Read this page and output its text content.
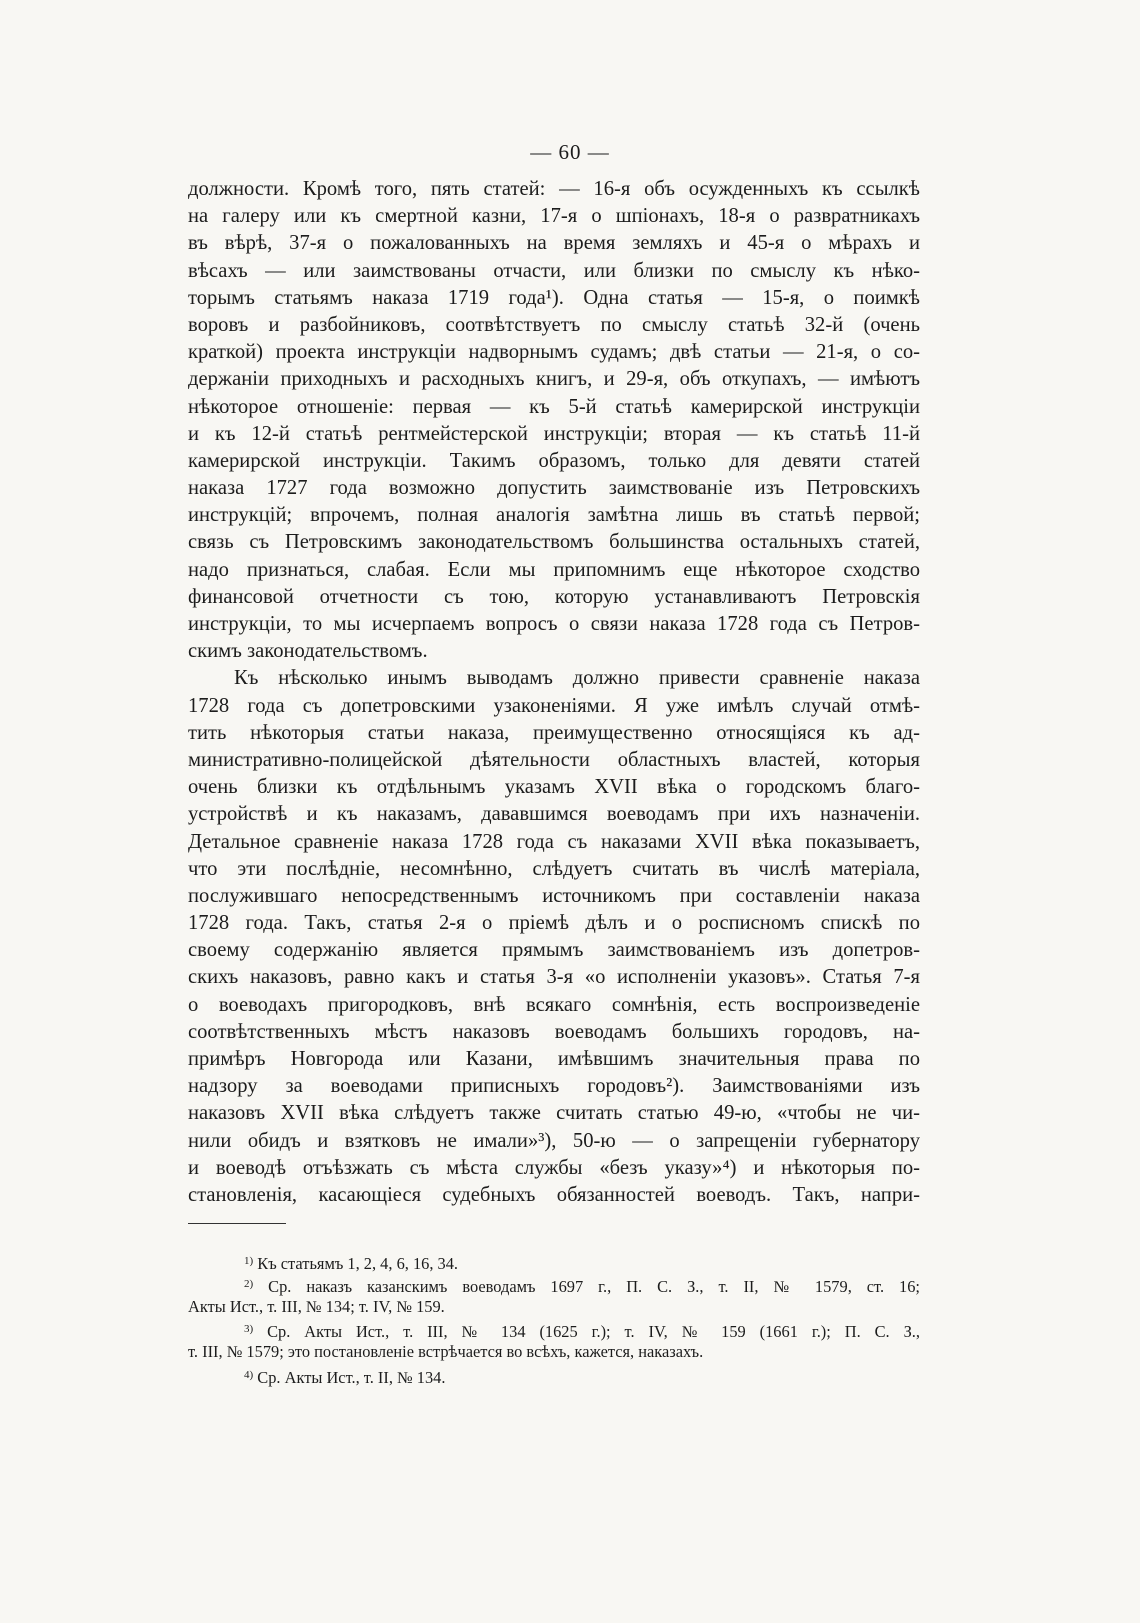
— 60 —
должности. Кромѣ того, пять статей: — 16-я объ осужденныхъ къ ссылкѣ
на галеру или къ смертной казни, 17-я о шпіонахъ, 18-я о развратникахъ
въ вѣрѣ, 37-я о пожалованныхъ на время земляхъ и 45-я о мѣрахъ и
вѣсахъ — или заимствованы отчасти, или близки по смыслу къ нѣко-
торымъ статьямъ наказа 1719 года¹). Одна статья — 15-я, о поимкѣ
воровъ и разбойниковъ, соотвѣтствуетъ по смыслу статьѣ 32-й (очень
краткой) проекта инструкціи надворнымъ судамъ; двѣ статьи — 21-я, о со-
держаніи приходныхъ и расходныхъ книгъ, и 29-я, объ откупахъ, — имѣютъ
нѣкоторое отношеніе: первая — къ 5-й статьѣ камерирской инструкціи
и къ 12-й статьѣ рентмейстерской инструкціи; вторая — къ статьѣ 11-й
камерирской инструкціи. Такимъ образомъ, только для девяти статей
наказа 1727 года возможно допустить заимствованіе изъ Петровскихъ
инструкцій; впрочемъ, полная аналогія замѣтна лишь въ статьѣ первой;
связь съ Петровскимъ законодательствомъ большинства остальныхъ статей,
надо признаться, слабая. Если мы припомнимъ еще нѣкоторое сходство
финансовой отчетности съ тою, которую устанавливаютъ Петровскія
инструкціи, то мы исчерпаемъ вопросъ о связи наказа 1728 года съ Петров-
скимъ законодательствомъ.
Къ нѣсколько инымъ выводамъ должно привести сравненіе наказа
1728 года съ допетровскими узаконеніями. Я уже имѣлъ случай отмѣ-
тить нѣкоторыя статьи наказа, преимущественно относящіяся къ ад-
министративно-полицейской дѣятельности областныхъ властей, которыя
очень близки къ отдѣльнымъ указамъ XVII вѣка о городскомъ благо-
устройствѣ и къ наказамъ, дававшимся воеводамъ при ихъ назначеніи.
Детальное сравненіе наказа 1728 года съ наказами XVII вѣка показываетъ,
что эти послѣдніе, несомнѣнно, слѣдуетъ считать въ числѣ матеріала,
послужившаго непосредственнымъ источникомъ при составленіи наказа
1728 года. Такъ, статья 2-я о пріемѣ дѣлъ и о росписномъ спискѣ по
своему содержанію является прямымъ заимствованіемъ изъ допетров-
скихъ наказовъ, равно какъ и статья 3-я «о исполненіи указовъ». Статья 7-я
о воеводахъ пригородковъ, внѣ всякаго сомнѣнія, есть воспроизведеніе
соотвѣтственныхъ мѣстъ наказовъ воеводамъ большихъ городовъ, на-
примѣръ Новгорода или Казани, имѣвшимъ значительныя права по
надзору за воеводами приписныхъ городовъ²). Заимствованіями изъ
наказовъ XVII вѣка слѣдуетъ также считать статью 49-ю, «чтобы не чи-
нили обидъ и взятковъ не имали»³), 50-ю — о запрещеніи губернатору
и воеводѣ отъѣзжать съ мѣста службы «безъ указу»⁴) и нѣкоторыя по-
становленія, касающіеся судебныхъ обязанностей воеводъ. Такъ, напри-
$^{1)}$ Къ статьямъ 1, 2, 4, 6, 16, 34.
$^{2)}$ Ср. наказъ казанскимъ воеводамъ 1697 г., П. С. З., т. II, № 1579, ст. 16;
Акты Ист., т. III, № 134; т. IV, № 159.
$^{3)}$ Ср. Акты Ист., т. III, № 134 (1625 г.); т. IV, № 159 (1661 г.); П. С. З.,
т. III, № 1579; это постановленіе встрѣчается во всѣхъ, кажется, наказахъ.
$^{4)}$ Ср. Акты Ист., т. II, № 134.
